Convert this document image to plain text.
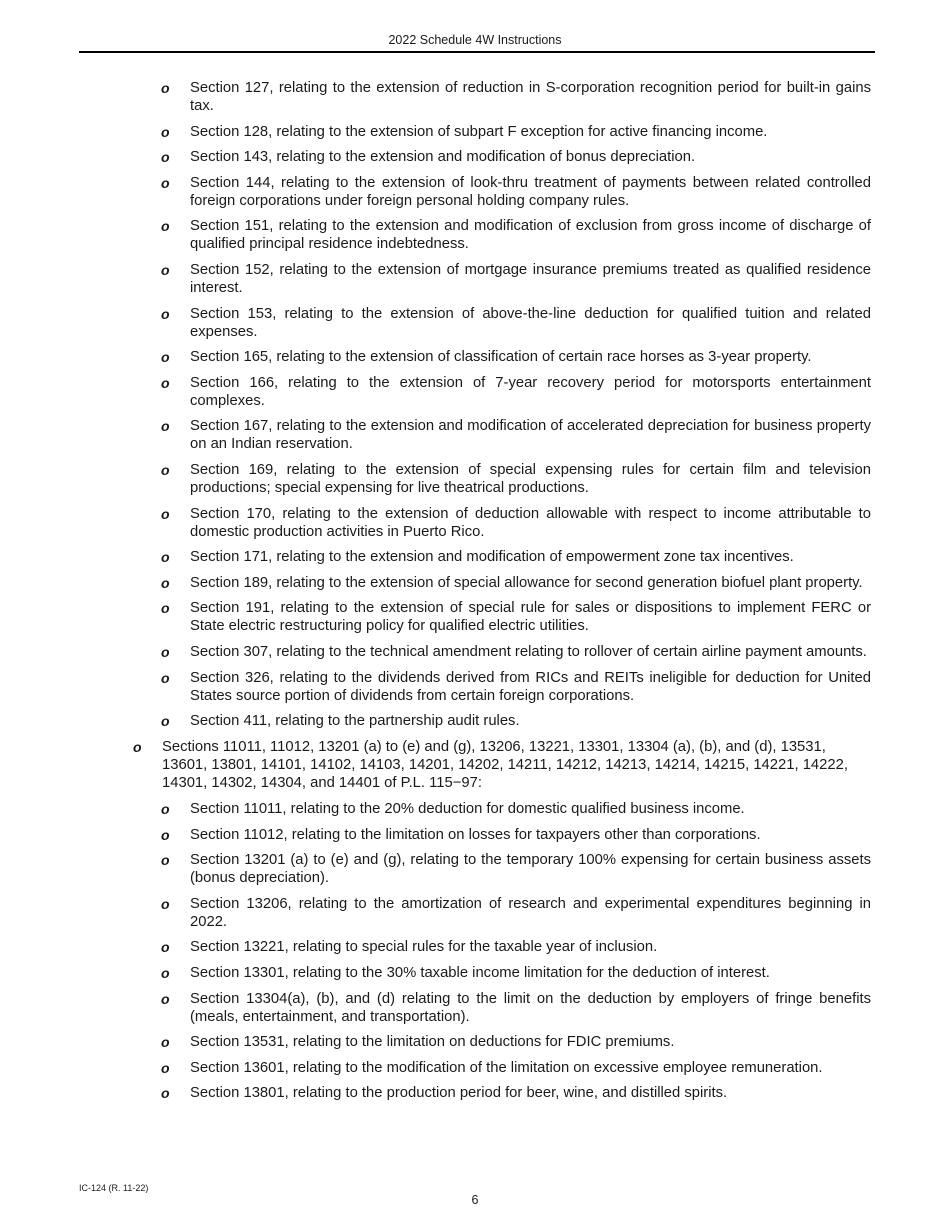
2022 Schedule 4W Instructions
o Section 127, relating to the extension of reduction in S-corporation recognition period for built-in gains tax.
o Section 128, relating to the extension of subpart F exception for active financing income.
o Section 143, relating to the extension and modification of bonus depreciation.
o Section 144, relating to the extension of look-thru treatment of payments between related controlled foreign corporations under foreign personal holding company rules.
o Section 151, relating to the extension and modification of exclusion from gross income of discharge of qualified principal residence indebtedness.
o Section 152, relating to the extension of mortgage insurance premiums treated as qualified residence interest.
o Section 153, relating to the extension of above-the-line deduction for qualified tuition and related expenses.
o Section 165, relating to the extension of classification of certain race horses as 3-year property.
o Section 166, relating to the extension of 7-year recovery period for motorsports entertainment complexes.
o Section 167, relating to the extension and modification of accelerated depreciation for business property on an Indian reservation.
o Section 169, relating to the extension of special expensing rules for certain film and television productions; special expensing for live theatrical productions.
o Section 170, relating to the extension of deduction allowable with respect to income attributable to domestic production activities in Puerto Rico.
o Section 171, relating to the extension and modification of empowerment zone tax incentives.
o Section 189, relating to the extension of special allowance for second generation biofuel plant property.
o Section 191, relating to the extension of special rule for sales or dispositions to implement FERC or State electric restructuring policy for qualified electric utilities.
o Section 307, relating to the technical amendment relating to rollover of certain airline payment amounts.
o Section 326, relating to the dividends derived from RICs and REITs ineligible for deduction for United States source portion of dividends from certain foreign corporations.
o Section 411, relating to the partnership audit rules.
o Sections 11011, 11012, 13201 (a) to (e) and (g), 13206, 13221, 13301, 13304 (a), (b), and (d), 13531, 13601, 13801, 14101, 14102, 14103, 14201, 14202, 14211, 14212, 14213, 14214, 14215, 14221, 14222, 14301, 14302, 14304, and 14401 of P.L. 115−97:
o Section 11011, relating to the 20% deduction for domestic qualified business income.
o Section 11012, relating to the limitation on losses for taxpayers other than corporations.
o Section 13201 (a) to (e) and (g), relating to the temporary 100% expensing for certain business assets (bonus depreciation).
o Section 13206, relating to the amortization of research and experimental expenditures beginning in 2022.
o Section 13221, relating to special rules for the taxable year of inclusion.
o Section 13301, relating to the 30% taxable income limitation for the deduction of interest.
o Section 13304(a), (b), and (d) relating to the limit on the deduction by employers of fringe benefits (meals, entertainment, and transportation).
o Section 13531, relating to the limitation on deductions for FDIC premiums.
o Section 13601, relating to the modification of the limitation on excessive employee remuneration.
o Section 13801, relating to the production period for beer, wine, and distilled spirits.
IC-124 (R. 11-22)
6
